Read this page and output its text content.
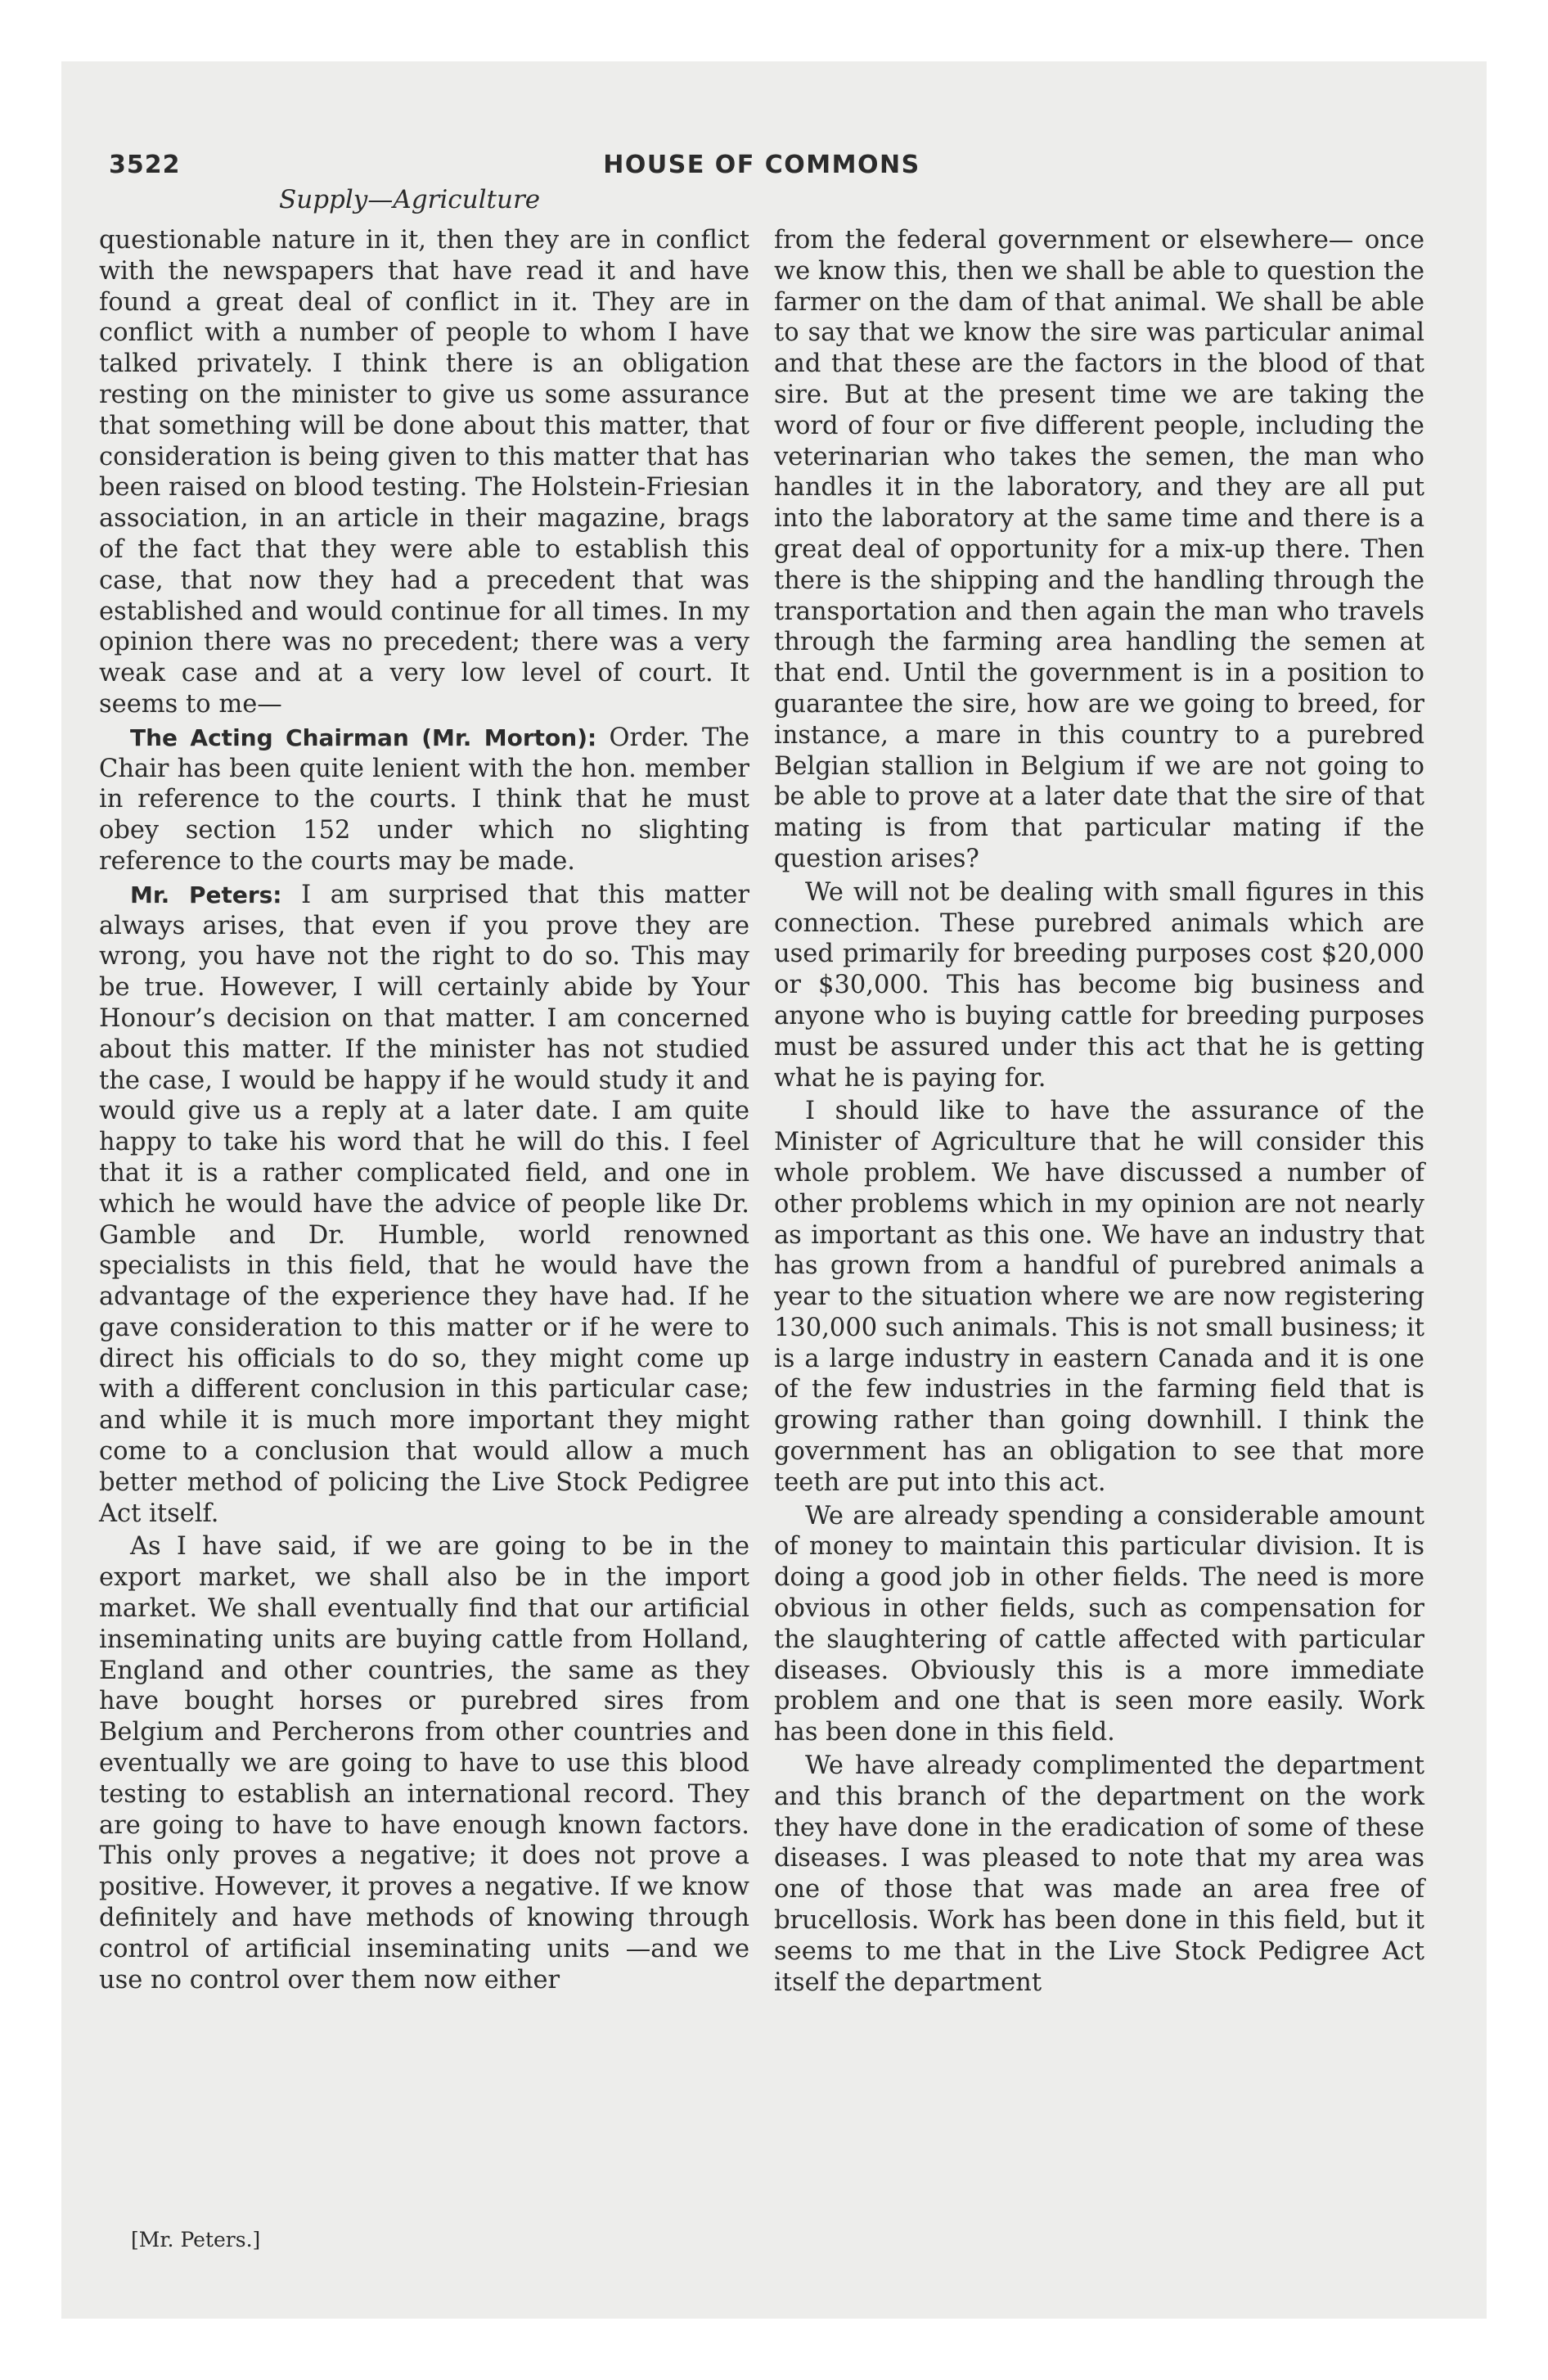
3522	HOUSE OF COMMONS
Supply—Agriculture

questionable nature in it, then they are in conflict with the newspapers that have read it and have found a great deal of conflict in it. They are in conflict with a number of people to whom I have talked privately. I think there is an obligation resting on the minister to give us some assurance that something will be done about this matter, that consideration is being given to this matter that has been raised on blood testing. The Holstein-Friesian association, in an article in their magazine, brags of the fact that they were able to establish this case, that now they had a precedent that was established and would continue for all times. In my opinion there was no precedent; there was a very weak case and at a very low level of court. It seems to me—

The Acting Chairman (Mr. Morton): Order. The Chair has been quite lenient with the hon. member in reference to the courts. I think that he must obey section 152 under which no slighting reference to the courts may be made.

Mr. Peters: I am surprised that this matter always arises, that even if you prove they are wrong, you have not the right to do so. This may be true. However, I will certainly abide by Your Honour’s decision on that matter. I am concerned about this matter. If the minister has not studied the case, I would be happy if he would study it and would give us a reply at a later date. I am quite happy to take his word that he will do this. I feel that it is a rather complicated field, and one in which he would have the advice of people like Dr. Gamble and Dr. Humble, world renowned specialists in this field, that he would have the advantage of the experience they have had. If he gave consideration to this matter or if he were to direct his officials to do so, they might come up with a different conclusion in this particular case; and while it is much more important they might come to a conclusion that would allow a much better method of policing the Live Stock Pedigree Act itself.

As I have said, if we are going to be in the export market, we shall also be in the import market. We shall eventually find that our artificial inseminating units are buying cattle from Holland, England and other countries, the same as they have bought horses or purebred sires from Belgium and Percherons from other countries and eventually we are going to have to use this blood testing to establish an international record. They are going to have to have enough known factors. This only proves a negative; it does not prove a positive. However, it proves a negative. If we know definitely and have methods of knowing through control of artificial inseminating units —and we use no control over them now either

from the federal government or elsewhere— once we know this, then we shall be able to question the farmer on the dam of that animal. We shall be able to say that we know the sire was particular animal and that these are the factors in the blood of that sire. But at the present time we are taking the word of four or five different people, including the veterinarian who takes the semen, the man who handles it in the laboratory, and they are all put into the laboratory at the same time and there is a great deal of opportunity for a mix-up there. Then there is the shipping and the handling through the transportation and then again the man who travels through the farming area handling the semen at that end. Until the government is in a position to guarantee the sire, how are we going to breed, for instance, a mare in this country to a purebred Belgian stallion in Belgium if we are not going to be able to prove at a later date that the sire of that mating is from that particular mating if the question arises?

We will not be dealing with small figures in this connection. These purebred animals which are used primarily for breeding purposes cost $20,000 or $30,000. This has become big business and anyone who is buying cattle for breeding purposes must be assured under this act that he is getting what he is paying for.

I should like to have the assurance of the Minister of Agriculture that he will consider this whole problem. We have discussed a number of other problems which in my opinion are not nearly as important as this one. We have an industry that has grown from a handful of purebred animals a year to the situation where we are now registering 130,000 such animals. This is not small business; it is a large industry in eastern Canada and it is one of the few industries in the farming field that is growing rather than going downhill. I think the government has an obligation to see that more teeth are put into this act.

We are already spending a considerable amount of money to maintain this particular division. It is doing a good job in other fields. The need is more obvious in other fields, such as compensation for the slaughtering of cattle affected with particular diseases. Obviously this is a more immediate problem and one that is seen more easily. Work has been done in this field.

We have already complimented the department and this branch of the department on the work they have done in the eradication of some of these diseases. I was pleased to note that my area was one of those that was made an area free of brucellosis. Work has been done in this field, but it seems to me that in the Live Stock Pedigree Act itself the department

[Mr. Peters.]
